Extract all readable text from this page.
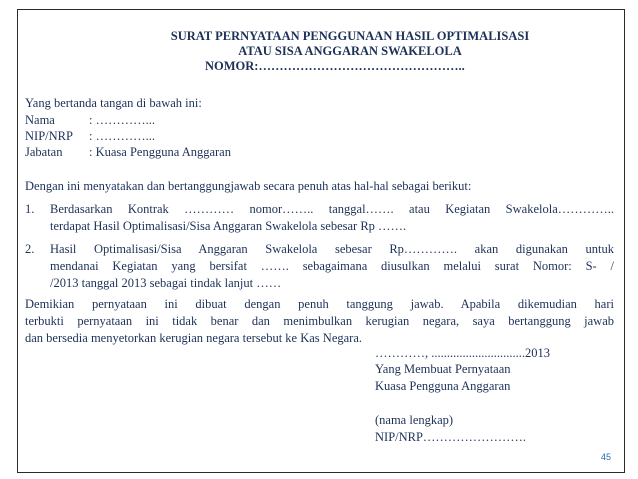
SURAT PERNYATAAN PENGGUNAAN HASIL OPTIMALISASI
ATAU SISA ANGGARAN SWAKELOLA
NOMOR:…………………………………………..
Yang bertanda tangan di bawah ini:
Nama	: …………...
NIP/NRP : …………...
Jabatan : Kuasa Pengguna Anggaran
Dengan ini menyatakan dan bertanggungjawab secara penuh atas hal-hal sebagai berikut:
1. Berdasarkan Kontrak ………… nomor…….. tanggal……. atau Kegiatan Swakelola…………..
terdapat Hasil Optimalisasi/Sisa Anggaran Swakelola sebesar Rp …….
2. Hasil Optimalisasi/Sisa Anggaran Swakelola sebesar Rp…………. akan digunakan untuk
mendanai Kegiatan yang bersifat ……. sebagaimana diusulkan melalui surat Nomor: S- /
/2013 tanggal 2013 sebagai tindak lanjut ……
Demikian pernyataan ini dibuat dengan penuh tanggung jawab. Apabila dikemudian hari
terbukti pernyataan ini tidak benar dan menimbulkan kerugian negara, saya bertanggung jawab
dan bersedia menyetorkan kerugian negara tersebut ke Kas Negara.
…………, ..............................2013
Yang Membuat Pernyataan
Kuasa Pengguna Anggaran
(nama lengkap)
NIP/NRP…………………….
45
